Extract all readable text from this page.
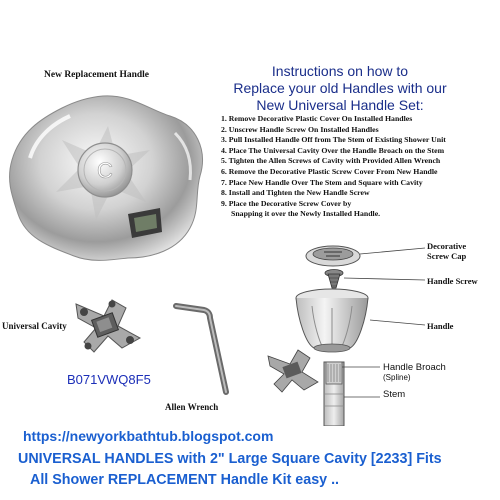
New Replacement Handle
C
Universal Cavity
B071VWQ8F5
Allen Wrench
Instructions on how to
Replace your old Handles with our
New Universal Handle Set:
1. Remove Decorative Plastic Cover On Installed Handles
2. Unscrew Handle Screw On Installed Handles
3. Pull Installed Handle Off from The Stem of Existing Shower Unit
4. Place The Universal Cavity Over the Handle Broach on the Stem
5. Tighten the Allen Screws of Cavity with Provided Allen Wrench
6. Remove the Decorative Plastic Screw Cover From New Handle
7. Place New Handle Over The Stem and Square with Cavity
8. Install and Tighten the New Handle Screw
9. Place the Decorative Screw Cover by
Snapping it over the Newly Installed Handle.
Decorative
Screw Cap
Handle Screw
Handle
Handle Broach
(Spline)
Stem
https://newyorkbathtub.blogspot.com
UNIVERSAL HANDLES with 2" Large Square Cavity [2233] Fits
All Shower REPLACEMENT Handle Kit easy ..
